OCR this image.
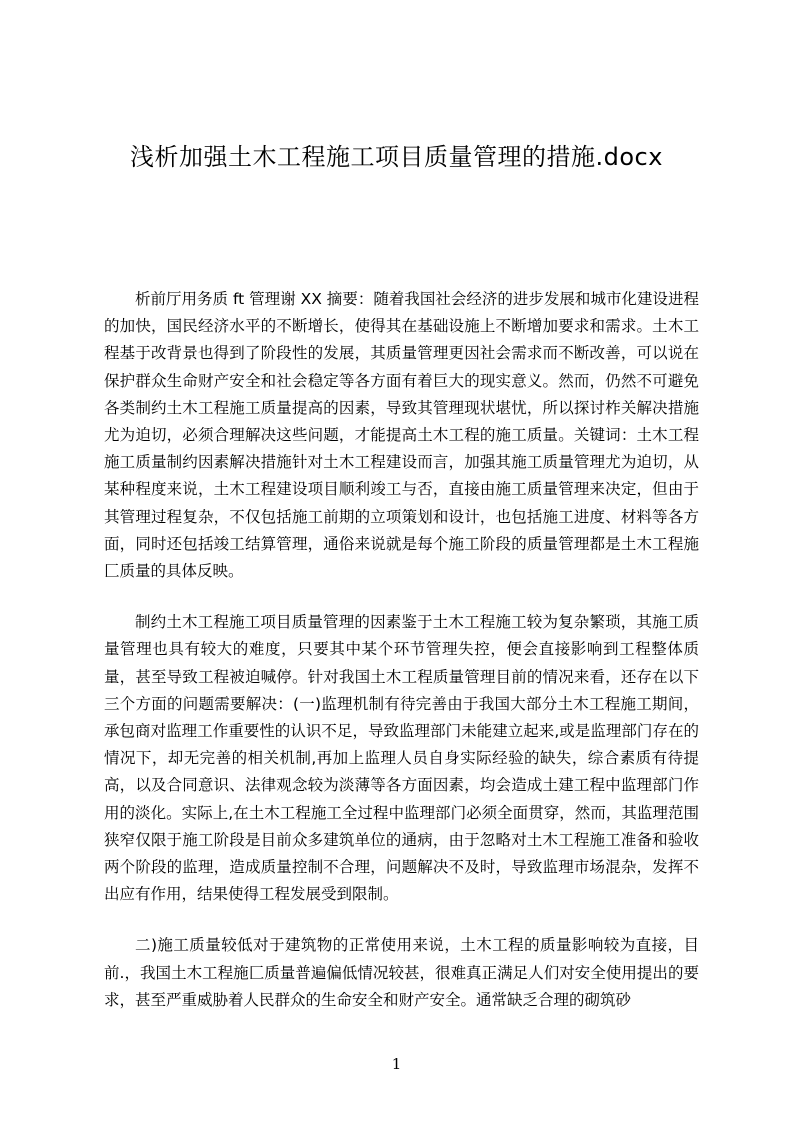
浅析加强土木工程施工项目质量管理的措施.docx

析前厅用务质 ft 管理谢 XX 摘要：随着我国社会经济的进步发展和城市化建设进程的加快，国民经济水平的不断增长，使得其在基础设施上不断增加要求和需求。土木工程基于改背景也得到了阶段性的发展，其质量管理更因社会需求而不断改善，可以说在保护群众生命财产安全和社会稳定等各方面有着巨大的现实意义。然而，仍然不可避免各类制约土木工程施工质量提高的因素，导致其管理现状堪忧，所以探讨柞关解决措施尤为迫切，必须合理解决这些问题，才能提高土木工程的施工质量。关键词：土木工程施工质量制约因素解决措施针对土木工程建设而言，加强其施工质量管理尤为迫切，从某种程度来说，土木工程建设项目顺利竣工与否，直接由施工质量管理来决定，但由于其管理过程复杂，不仅包括施工前期的立项策划和设计，也包括施工进度、材料等各方面，同时还包括竣工结算管理，通俗来说就是每个施工阶段的质量管理都是土木工程施匚质量的具体反映。

制约土木工程施工项目质量管理的因素鉴于土木工程施工较为复杂繁琐，其施工质量管理也具有较大的难度，只要其中某个环节管理失控，便会直接影响到工程整体质量，甚至导致工程被迫喊停。针对我国土木工程质量管理目前的情况来看，还存在以下三个方面的问题需要解决：(一)监理机制有待完善由于我国大部分土木工程施工期间，承包商对监理工作重要性的认识不足，导致监理部门未能建立起来,或是监理部门存在的情况下，却无完善的相关机制,再加上监理人员自身实际经验的缺失，综合素质有待提高，以及合同意识、法律观念较为淡薄等各方面因素，均会造成土建工程中监理部门作用的淡化。实际上,在土木工程施工全过程中监理部门必须全面贯穿，然而，其监理范围狭窄仅限于施工阶段是目前众多建筑单位的通病，由于忽略对土木工程施工准备和验收两个阶段的监理，造成质量控制不合理，问题解决不及时，导致监理市场混杂，发挥不出应有作用，结果使得工程发展受到限制。

二)施工质量较低对于建筑物的正常使用来说，土木工程的质量影响较为直接，目前.，我国土木工程施匚质量普遍偏低情况较甚，很难真正满足人们对安全使用提出的要求，甚至严重威胁着人民群众的生命安全和财产安全。通常缺乏合理的砌筑砂

1
